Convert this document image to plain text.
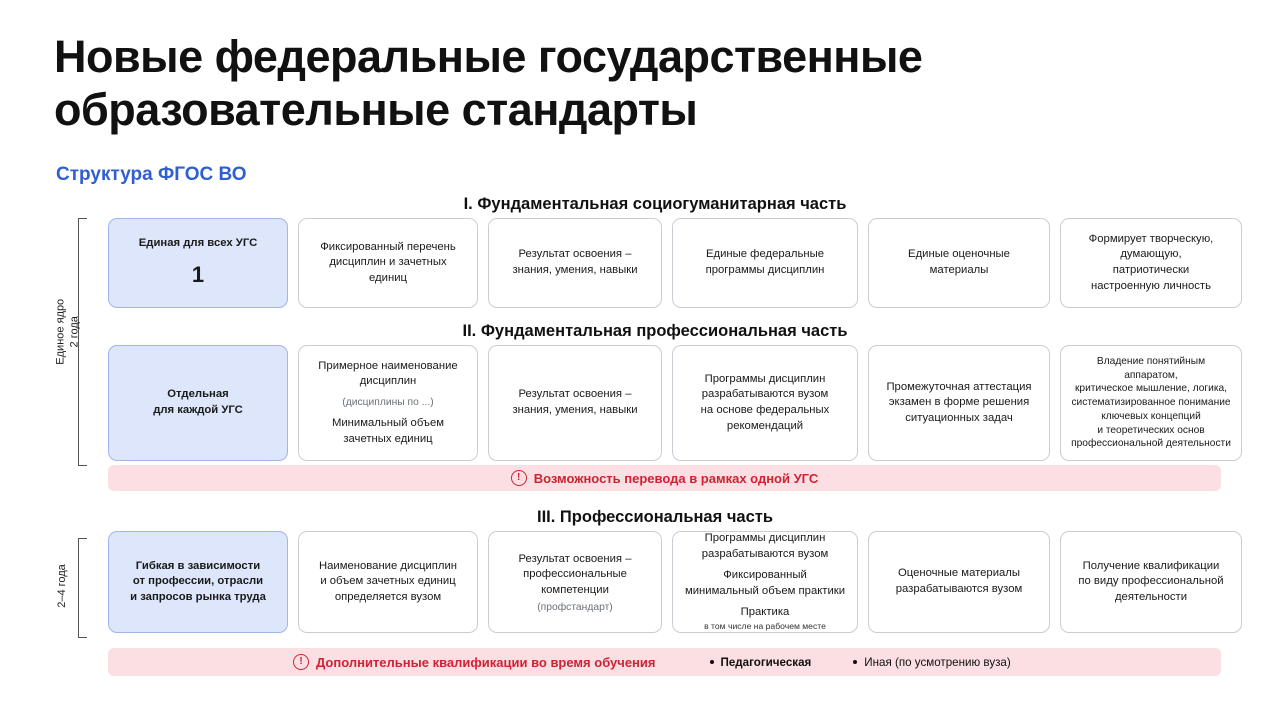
Новые федеральные государственные образовательные стандарты
Структура ФГОС ВО
Единое ядро 2 года
2–4 года
I. Фундаментальная социогуманитарная часть
Единая для всех УГС
1
Фиксированный перечень
дисциплин и зачетных единиц
Результат освоения –
знания, умения, навыки
Единые федеральные
программы дисциплин
Единые оценочные
материалы
Формирует творческую,
думающую,
патриотически
настроенную личность
II. Фундаментальная профессиональная часть
Отдельная
для каждой УГС
Примерное наименование
дисциплин
(дисциплины по ...)
Минимальный объем
зачетных единиц
Результат освоения –
знания, умения, навыки
Программы дисциплин
разрабатываются вузом
на основе федеральных
рекомендаций
Промежуточная аттестация
экзамен в форме решения
ситуационных задач
Владение понятийным аппаратом,
критическое мышление, логика,
систематизированное понимание
ключевых концепций
и теоретических основ
профессиональной деятельности
!	Возможность перевода в рамках одной УГС
III. Профессиональная часть
Гибкая в зависимости
от профессии, отрасли
и запросов рынка труда
Наименование дисциплин
и объем зачетных единиц
определяется вузом
Результат освоения –
профессиональные
компетенции
(профстандарт)
Программы дисциплин
разрабатываются вузом
Фиксированный
минимальный объем практики
Практика
в том числе на рабочем месте
Оценочные материалы
разрабатываются вузом
Получение квалификации
по виду профессиональной
деятельности
!	Дополнительные квалификации во время обучения	Педагогическая	Иная (по усмотрению вуза)
